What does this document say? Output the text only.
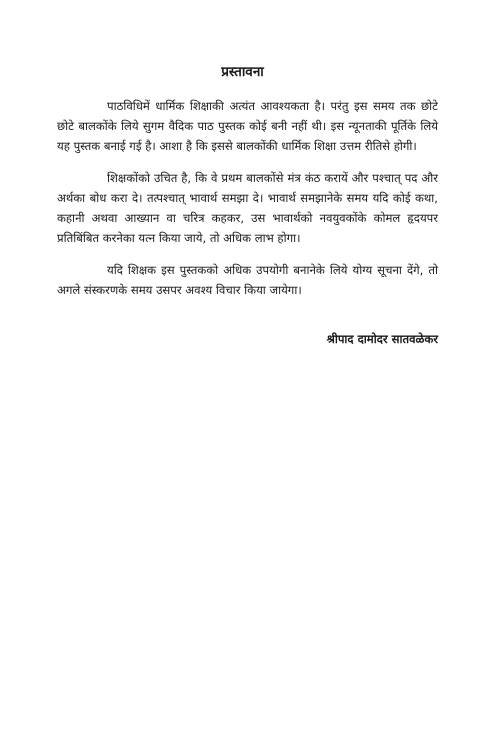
प्रस्तावना

पाठविधिमें धार्मिक शिक्षाकी अत्यंत आवश्यकता है। परंतु इस समय तक छोटे छोटे बालकोंके लिये सुगम वैदिक पाठ पुस्तक कोई बनी नहीं थी। इस न्यूनताकी पूर्तिके लिये यह पुस्तक बनाई गई है। आशा है कि इससे बालकोंकी धार्मिक शिक्षा उत्तम रीतिसे होगी।

शिक्षकोंको उचित है, कि वे प्रथम बालकोंसे मंत्र कंठ करायें और पश्चात् पद और अर्थका बोध करा दे। तत्पश्चात् भावार्थ समझा दे। भावार्थ समझानेके समय यदि कोई कथा, कहानी अथवा आख्यान वा चरित्र कहकर, उस भावार्थको नवयुवकोंके कोमल हृदयपर प्रतिबिंबित करनेका यत्न किया जाये, तो अधिक लाभ होगा।

यदि शिक्षक इस पुस्तकको अधिक उपयोगी बनानेके लिये योग्य सूचना देंगे, तो अगले संस्करणके समय उसपर अवश्य विचार किया जायेगा।

श्रीपाद दामोदर सातवळेकर
